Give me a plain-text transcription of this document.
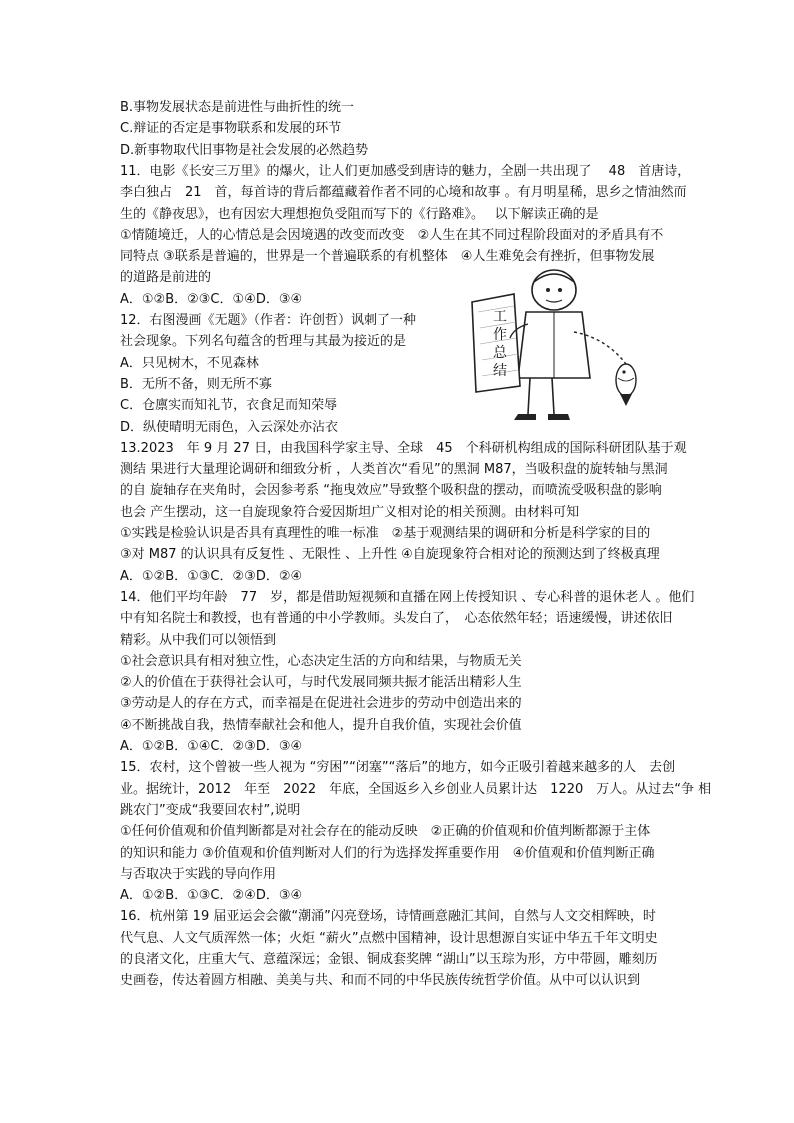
B.事物发展状态是前进性与曲折性的统一
C.辩证的否定是事物联系和发展的环节
D.新事物取代旧事物是社会发展的必然趋势
11．电影《长安三万里》的爆火，让人们更加感受到唐诗的魅力，全剧一共出现了　 48　首唐诗，
李白独占　21　首，每首诗的背后都蕴藏着作者不同的心境和故事 。有月明星稀，思乡之情油然而
生的《静夜思》，也有因宏大理想抱负受阻而写下的《行路难》。　 以下解读正确的是
①情随境迁，人的心情总是会因境遇的改变而改变　②人生在其不同过程阶段面对的矛盾具有不
同特点 ③联系是普遍的，世界是一个普遍联系的有机整体　④人生难免会有挫折，但事物发展
的道路是前进的
A．①②B．②③C．①④D．③④
12．右图漫画《无题》（作者：许创哲）讽刺了一种
社会现象。下列名句蕴含的哲理与其最为接近的是
A．只见树木，不见森林
B．无所不备，则无所不寡
C．仓廪实而知礼节，衣食足而知荣辱
D．纵使晴明无雨色，入云深处亦沾衣
13.2023　年 9 月 27 日，由我国科学家主导、全球　45　个科研机构组成的国际科研团队基于观
测结 果进行大量理论调研和细致分析 ，人类首次“看见”的黑洞 M87，当吸积盘的旋转轴与黑洞
的自 旋轴存在夹角时，会因参考系 “拖曳效应”导致整个吸积盘的摆动，而喷流受吸积盘的影响
也会 产生摆动，这一自旋现象符合爱因斯坦广义相对论的相关预测。由材料可知
①实践是检验认识是否具有真理性的唯一标准　②基于观测结果的调研和分析是科学家的目的
③对 M87 的认识具有反复性 、无限性 、上升性 ④自旋现象符合相对论的预测达到了终极真理
A．①②B．①③C．②③D．②④
14．他们平均年龄　77　岁，都是借助短视频和直播在网上传授知识 、专心科普的退休老人 。他们
中有知名院士和教授，也有普通的中小学教师。头发白了，　心态依然年轻；语速缓慢，讲述依旧
精彩。从中我们可以领悟到
①社会意识具有相对独立性，心态决定生活的方向和结果，与物质无关
②人的价值在于获得社会认可，与时代发展同频共振才能活出精彩人生
③劳动是人的存在方式，而幸福是在促进社会进步的劳动中创造出来的
④不断挑战自我，热情奉献社会和他人，提升自我价值，实现社会价值
A．①②B．①④C．②③D．③④
15．农村，这个曾被一些人视为 “穷困”“闭塞”“落后”的地方，如今正吸引着越来越多的人　去创
业。据统计，2012　年至　2022　年底，全国返乡入乡创业人员累计达　1220　万人。从过去“争 相
跳农门”变成“我要回农村”,说明
①任何价值观和价值判断都是对社会存在的能动反映　②正确的价值观和价值判断都源于主体
的知识和能力 ③价值观和价值判断对人们的行为选择发挥重要作用　④价值观和价值判断正确
与否取决于实践的导向作用
A．①②B．①③C．②④D．③④
16．杭州第 19 届亚运会会徽“潮涌”闪亮登场，诗情画意融汇其间，自然与人文交相辉映，时
代气息、人文气质浑然一体；火炬 “薪火”点燃中国精神，设计思想源自实证中华五千年文明史
的良渚文化，庄重大气、意蕴深远；金银、铜成套奖牌 “湖山”以玉琮为形，方中带圆，雕刻历
史画卷，传达着圆方相融、美美与共、和而不同的中华民族传统哲学价值。从中可以认识到
工
作
总
结
